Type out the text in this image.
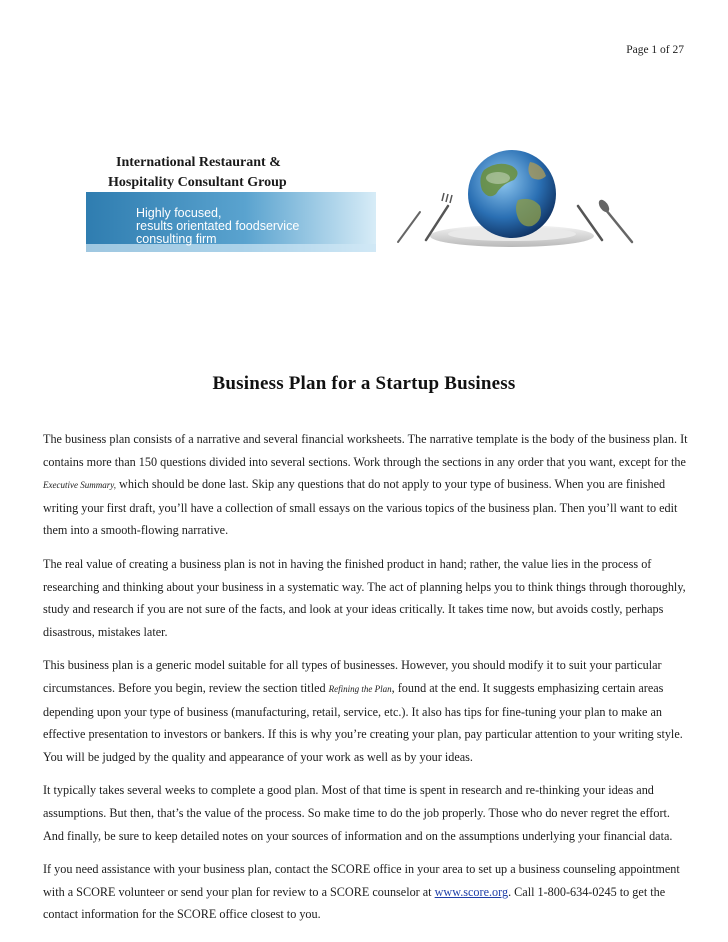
Page 1 of 27
International Restaurant &
Hospitality Consultant Group
Highly focused,
results orientated foodservice
consulting firm
Business Plan for a Startup Business

The business plan consists of a narrative and several financial worksheets. The narrative template is the body of the business plan. It contains more than 150 questions divided into several sections. Work through the sections in any order that you want, except for the Executive Summary, which should be done last. Skip any questions that do not apply to your type of business. When you are finished writing your first draft, you’ll have a collection of small essays on the various topics of the business plan. Then you’ll want to edit them into a smooth-flowing narrative.

The real value of creating a business plan is not in having the finished product in hand; rather, the value lies in the process of researching and thinking about your business in a systematic way. The act of planning helps you to think things through thoroughly, study and research if you are not sure of the facts, and look at your ideas critically. It takes time now, but avoids costly, perhaps disastrous, mistakes later.

This business plan is a generic model suitable for all types of businesses. However, you should modify it to suit your particular circumstances. Before you begin, review the section titled Refining the Plan, found at the end. It suggests emphasizing certain areas depending upon your type of business (manufacturing, retail, service, etc.). It also has tips for fine-tuning your plan to make an effective presentation to investors or bankers. If this is why you’re creating your plan, pay particular attention to your writing style. You will be judged by the quality and appearance of your work as well as by your ideas.

It typically takes several weeks to complete a good plan. Most of that time is spent in research and re-thinking your ideas and assumptions. But then, that’s the value of the process. So make time to do the job properly. Those who do never regret the effort. And finally, be sure to keep detailed notes on your sources of information and on the assumptions underlying your financial data.

If you need assistance with your business plan, contact the SCORE office in your area to set up a business counseling appointment with a SCORE volunteer or send your plan for review to a SCORE counselor at www.score.org. Call 1-800-634-0245 to get the contact information for the SCORE office closest to you.
